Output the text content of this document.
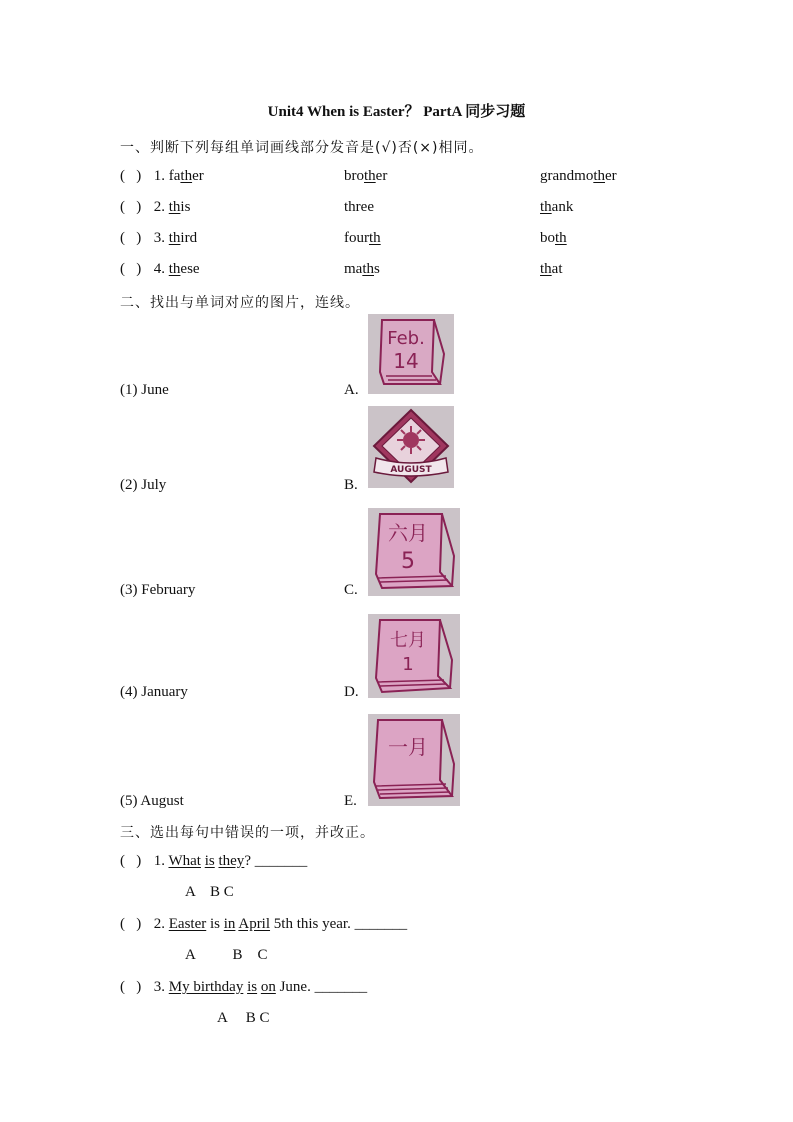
Unit4 When is Easter？ PartA 同步习题
一、判断下列每组单词画线部分发音是(√)否(×)相同。
(   ) 1. father	brother	grandmother
(   ) 2. this	three	thank
(   ) 3. third	fourth	both
(   ) 4. these	maths	that
二、找出与单词对应的图片，连线。
Feb.
14
AUGUST
六月
5
七月
1
一月
(1) June	A.
(2) July	B.
(3) February	C.
(4) January	D.
(5) August	E.
三、选出每句中错误的一项，并改正。
(   ) 1. What is they? _______
A    B C
(   ) 2. Easter is in April 5th this year. _______
A          B    C
(   ) 3. My birthday is on June. _______
A     B C
